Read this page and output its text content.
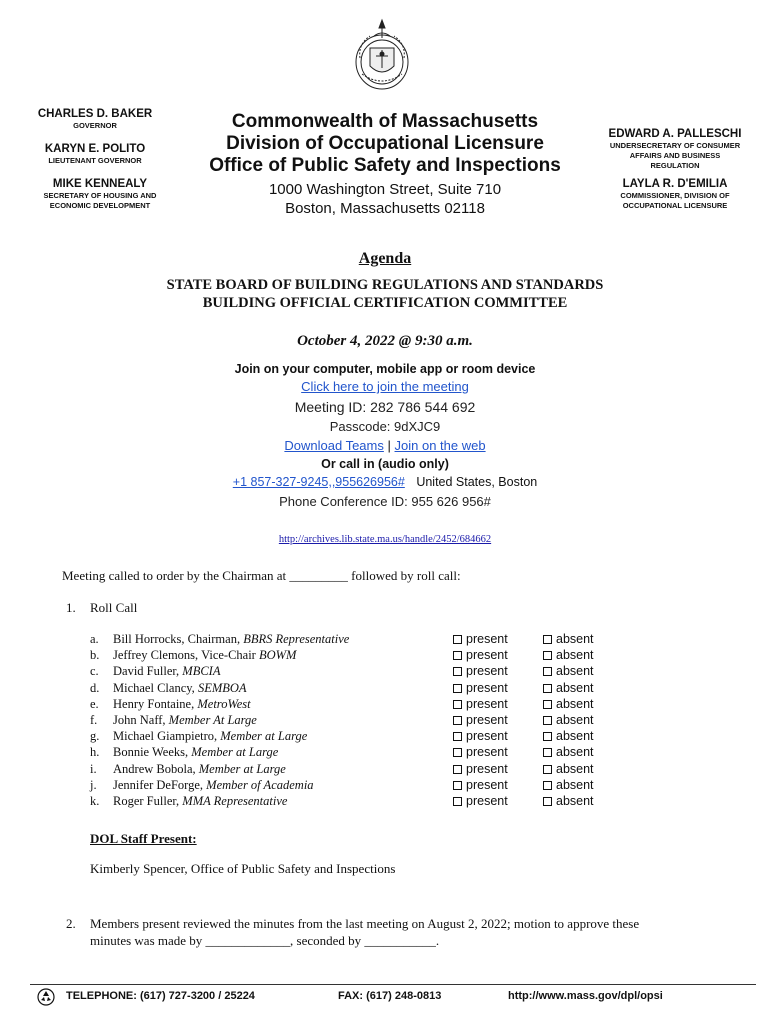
CHARLES D. BAKER
GOVERNOR
KARYN E. POLITO
LIEUTENANT GOVERNOR
MIKE KENNEALY
SECRETARY OF HOUSING AND
ECONOMIC DEVELOPMENT
Commonwealth of Massachusetts
Division of Occupational Licensure
Office of Public Safety and Inspections
1000 Washington Street, Suite 710
Boston, Massachusetts 02118
EDWARD A. PALLESCHI
UNDERSECRETARY OF CONSUMER
AFFAIRS AND BUSINESS
REGULATION
LAYLA R. D'EMILIA
COMMISSIONER, DIVISION OF
OCCUPATIONAL LICENSURE
Agenda
STATE BOARD OF BUILDING REGULATIONS AND STANDARDS
BUILDING OFFICIAL CERTIFICATION COMMITTEE
October 4, 2022 @ 9:30 a.m.
Join on your computer, mobile app or room device
Click here to join the meeting
Meeting ID: 282 786 544 692
Passcode: 9dXJC9
Download Teams | Join on the web
Or call in (audio only)
+1 857-327-9245,,955626956# United States, Boston
Phone Conference ID: 955 626 956#
http://archives.lib.state.ma.us/handle/2452/684662
Meeting called to order by the Chairman at _________ followed by roll call:
1. Roll Call
a. Bill Horrocks, Chairman, BBRS Representative	present	absent
b. Jeffrey Clemons, Vice-Chair BOWM	present	absent
c. David Fuller, MBCIA	present	absent
d. Michael Clancy, SEMBOA	present	absent
e. Henry Fontaine, MetroWest	present	absent
f. John Naff, Member At Large	present	absent
g. Michael Giampietro, Member at Large	present	absent
h. Bonnie Weeks, Member at Large	present	absent
i. Andrew Bobola, Member at Large	present	absent
j. Jennifer DeForge, Member of Academia	present	absent
k. Roger Fuller, MMA Representative	present	absent
DOL Staff Present:
Kimberly Spencer, Office of Public Safety and Inspections
2. Members present reviewed the minutes from the last meeting on August 2, 2022; motion to approve these
minutes was made by _____________, seconded by ___________.
TELEPHONE: (617) 727-3200 / 25224	FAX: (617) 248-0813	http://www.mass.gov/dpl/opsi
